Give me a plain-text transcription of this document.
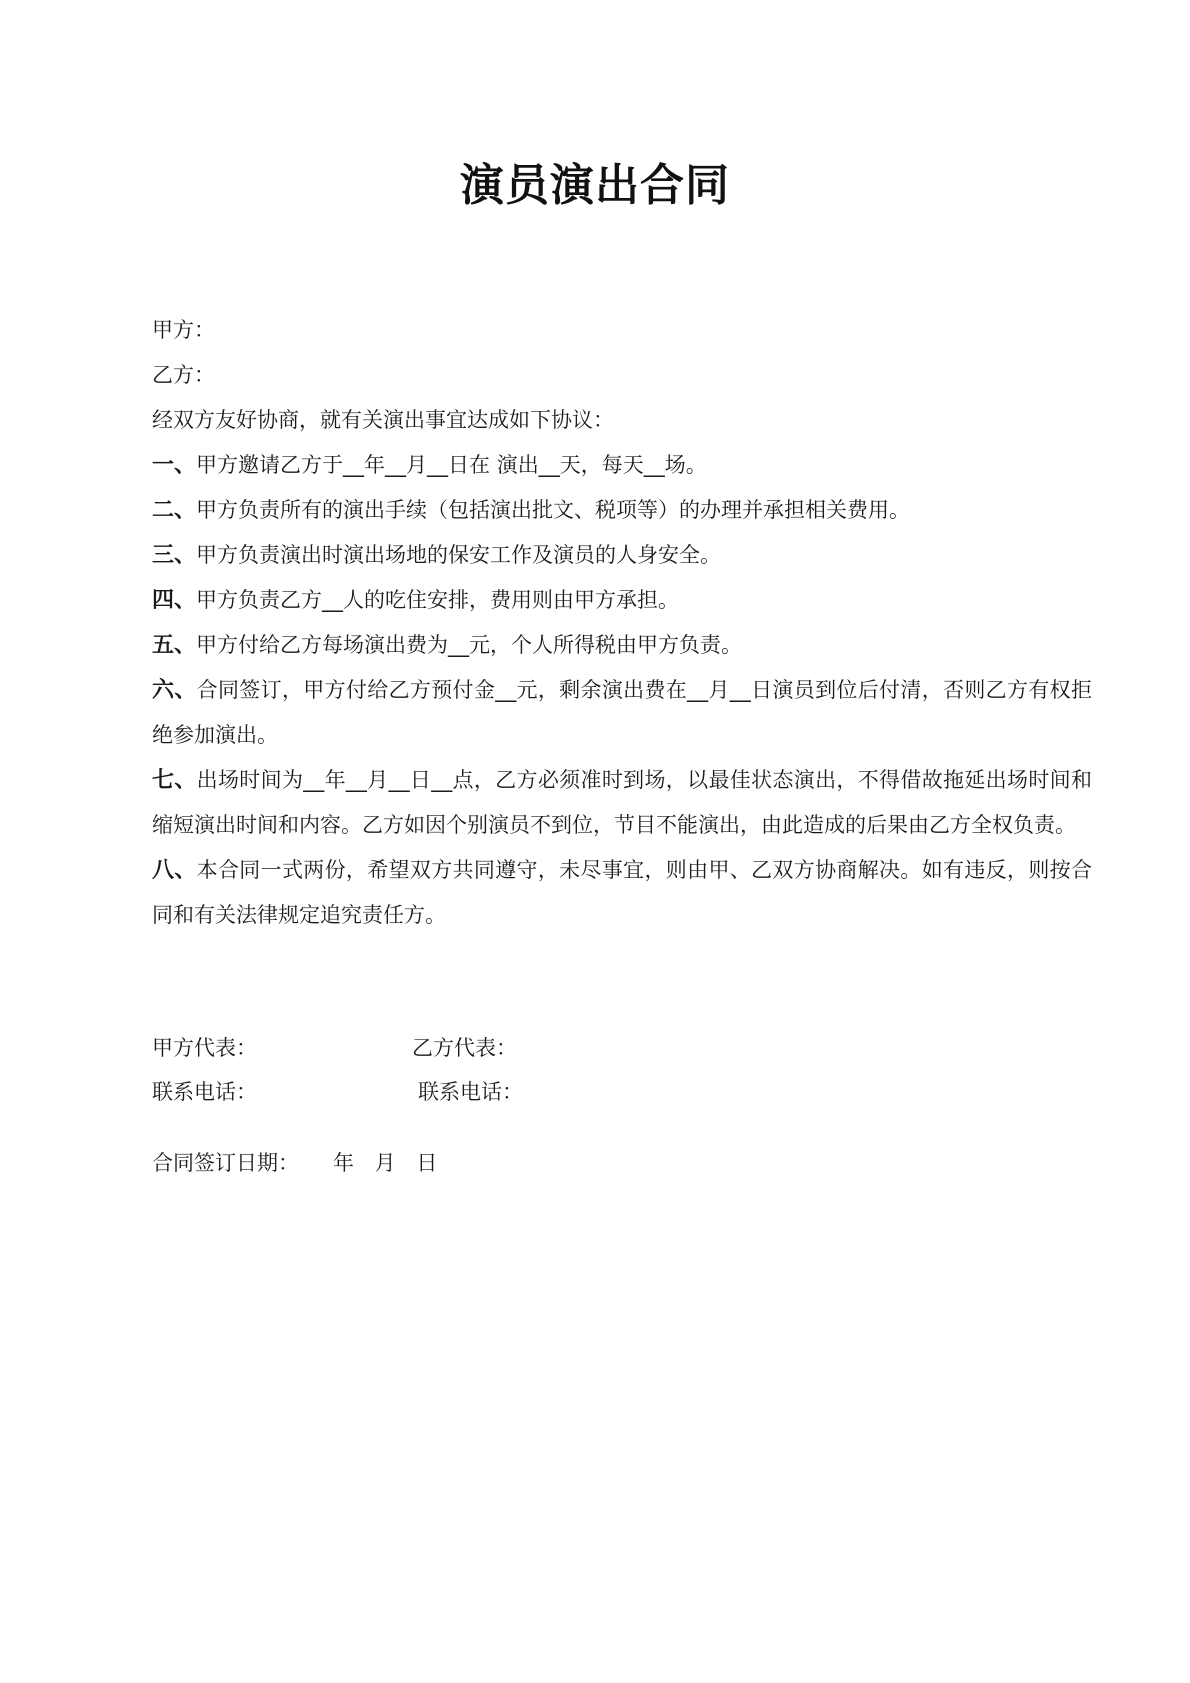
演员演出合同
甲方：
乙方：
经双方友好协商，就有关演出事宜达成如下协议：
一、甲方邀请乙方于__年__月__日在 演出__天，每天__场。
二、甲方负责所有的演出手续（包括演出批文、税项等）的办理并承担相关费用。
三、甲方负责演出时演出场地的保安工作及演员的人身安全。
四、甲方负责乙方__人的吃住安排，费用则由甲方承担。
五、甲方付给乙方每场演出费为__元，个人所得税由甲方负责。
六、合同签订，甲方付给乙方预付金__元，剩余演出费在__月__日演员到位后付清，否则乙方有权拒绝参加演出。
七、出场时间为__年__月__日__点，乙方必须准时到场，以最佳状态演出，不得借故拖延出场时间和缩短演出时间和内容。乙方如因个别演员不到位，节目不能演出，由此造成的后果由乙方全权负责。
八、本合同一式两份，希望双方共同遵守，未尽事宜，则由甲、乙双方协商解决。如有违反，则按合同和有关法律规定追究责任方。
甲方代表：	乙方代表：
联系电话：	联系电话：
合同签订日期： 年 月 日
